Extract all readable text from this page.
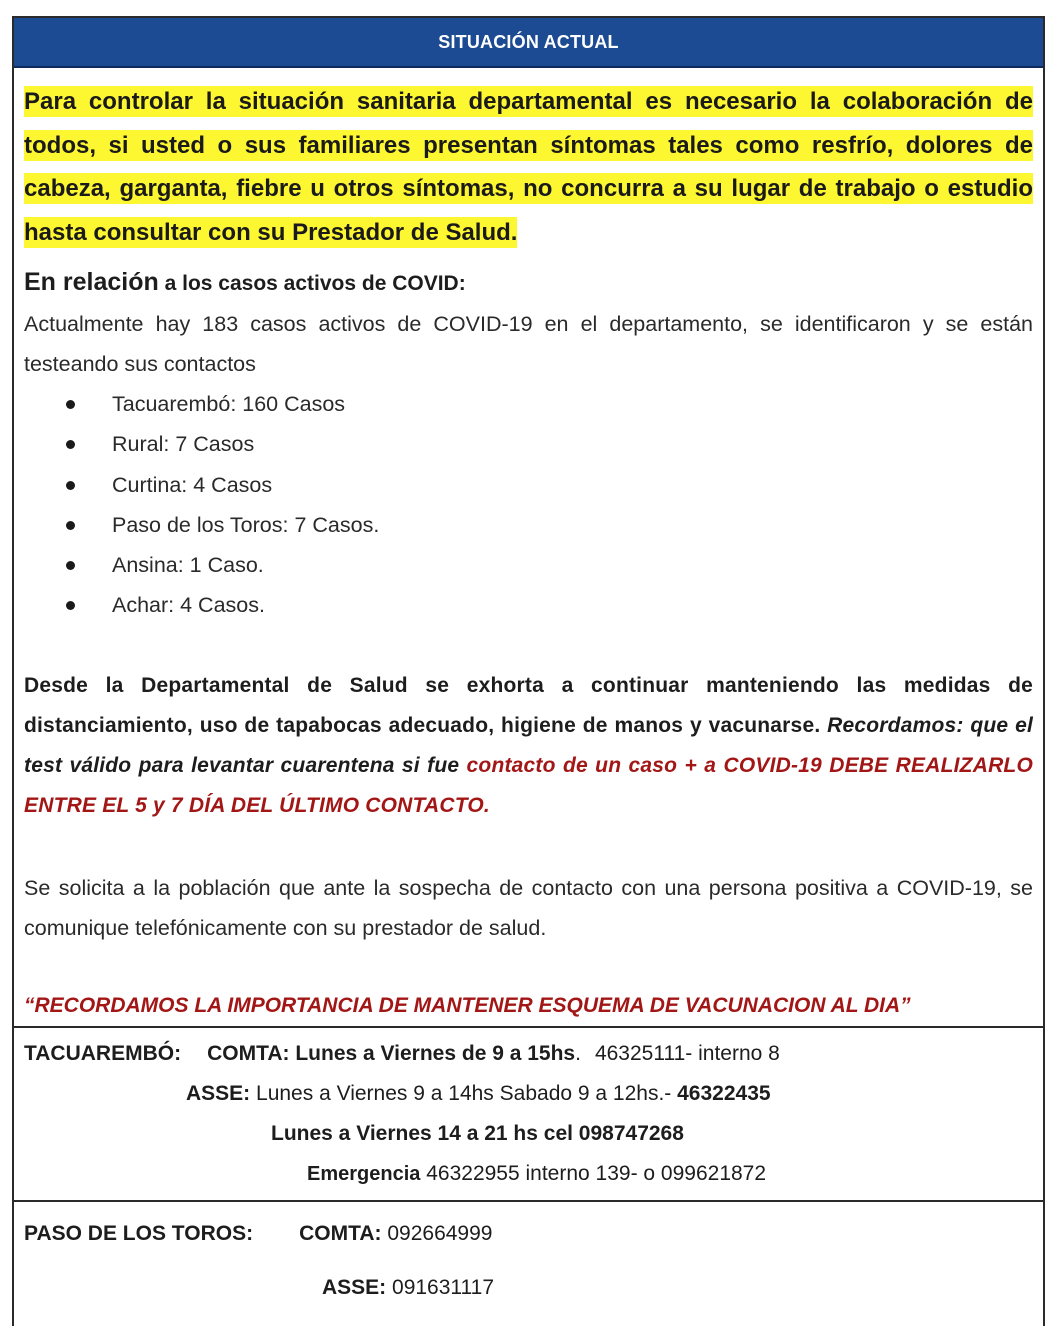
SITUACIÓN ACTUAL

Para controlar la situación sanitaria departamental es necesario la colaboración de todos, si usted o sus familiares presentan síntomas tales como resfrío, dolores de cabeza, garganta, fiebre u otros síntomas, no concurra a su lugar de trabajo o estudio hasta consultar con su Prestador de Salud.

En relación a los casos activos de COVID:

Actualmente hay 183 casos activos de COVID-19 en el departamento, se identificaron y se están testeando sus contactos

Tacuarembó: 160 Casos
Rural: 7 Casos
Curtina: 4 Casos
Paso de los Toros: 7 Casos.
Ansina: 1 Caso.
Achar: 4 Casos.

Desde la Departamental de Salud se exhorta a continuar manteniendo las medidas de distanciamiento, uso de tapabocas adecuado, higiene de manos y vacunarse. Recordamos: que el test válido para levantar cuarentena si fue contacto de un caso + a COVID-19 DEBE REALIZARLO ENTRE EL 5 y 7 DÍA DEL ÚLTIMO CONTACTO.

Se solicita a la población que ante la sospecha de contacto con una persona positiva a COVID-19, se comunique telefónicamente con su prestador de salud.

“RECORDAMOS LA IMPORTANCIA DE MANTENER ESQUEMA DE VACUNACION AL DIA”

TACUAREMBÓ: COMTA: Lunes a Viernes de 9 a 15hs. 46325111- interno 8
ASSE: Lunes a Viernes 9 a 14hs Sabado 9 a 12hs.- 46322435
Lunes a Viernes 14 a 21 hs cel 098747268
Emergencia 46322955 interno 139- o 099621872
PASO DE LOS TOROS: COMTA: 092664999
ASSE: 091631117
